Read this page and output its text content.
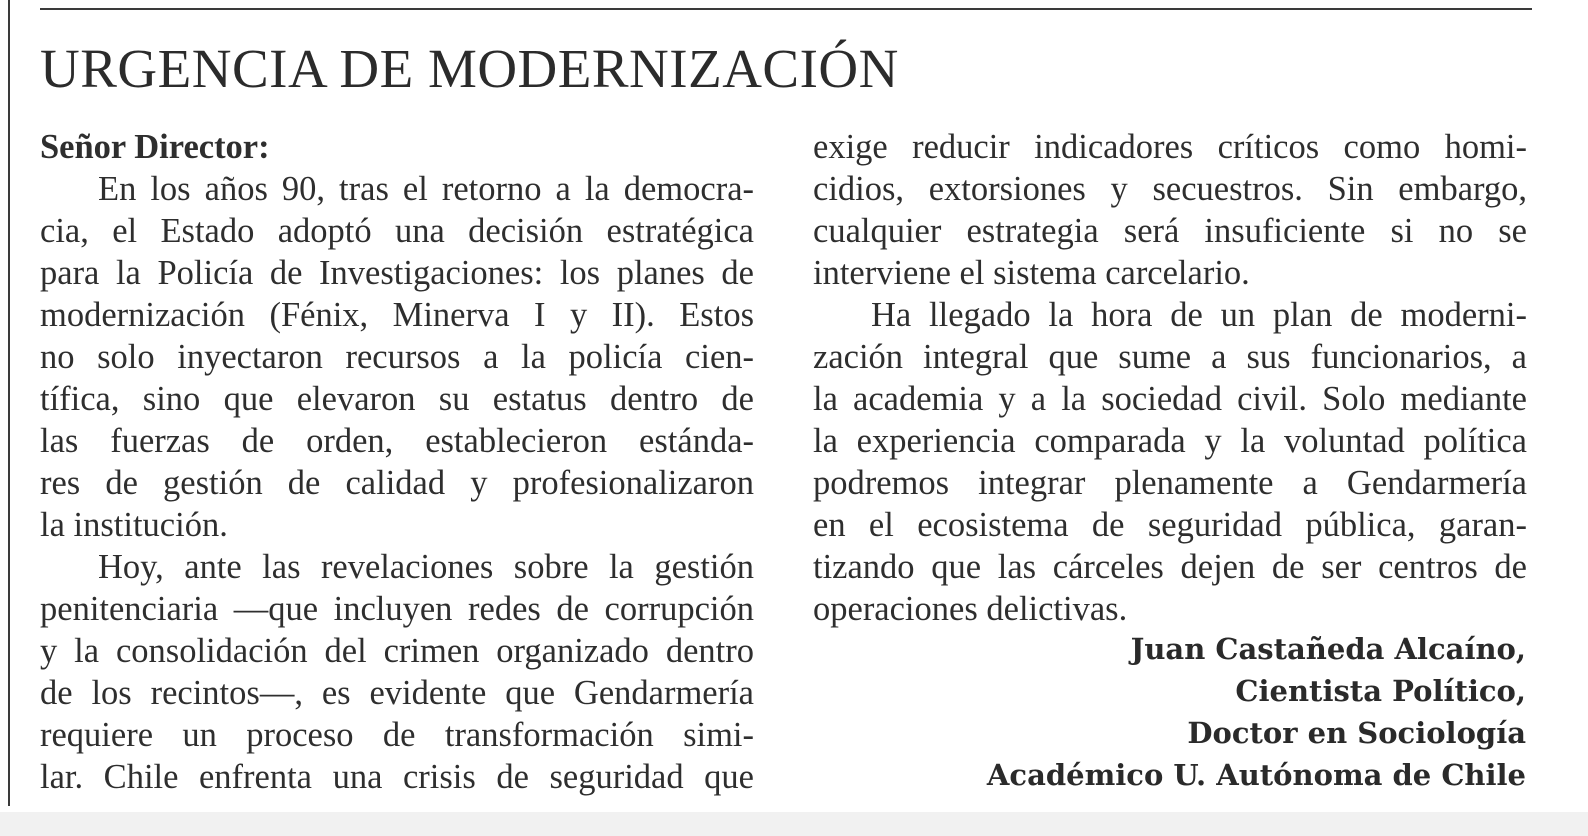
URGENCIA DE MODERNIZACIÓN
Señor Director:
En los años 90, tras el retorno a la democra-
cia, el Estado adoptó una decisión estratégica
para la Policía de Investigaciones: los planes de
modernización (Fénix, Minerva I y II). Estos
no solo inyectaron recursos a la policía cien-
tífica, sino que elevaron su estatus dentro de
las fuerzas de orden, establecieron estánda-
res de gestión de calidad y profesionalizaron
la institución.
Hoy, ante las revelaciones sobre la gestión
penitenciaria —que incluyen redes de corrupción
y la consolidación del crimen organizado dentro
de los recintos—, es evidente que Gendarmería
requiere un proceso de transformación simi-
lar. Chile enfrenta una crisis de seguridad que
exige reducir indicadores críticos como homi-
cidios, extorsiones y secuestros. Sin embargo,
cualquier estrategia será insuficiente si no se
interviene el sistema carcelario.
Ha llegado la hora de un plan de moderni-
zación integral que sume a sus funcionarios, a
la academia y a la sociedad civil. Solo mediante
la experiencia comparada y la voluntad política
podremos integrar plenamente a Gendarmería
en el ecosistema de seguridad pública, garan-
tizando que las cárceles dejen de ser centros de
operaciones delictivas.
Juan Castañeda Alcaíno,
Cientista Político,
Doctor en Sociología
Académico U. Autónoma de Chile
